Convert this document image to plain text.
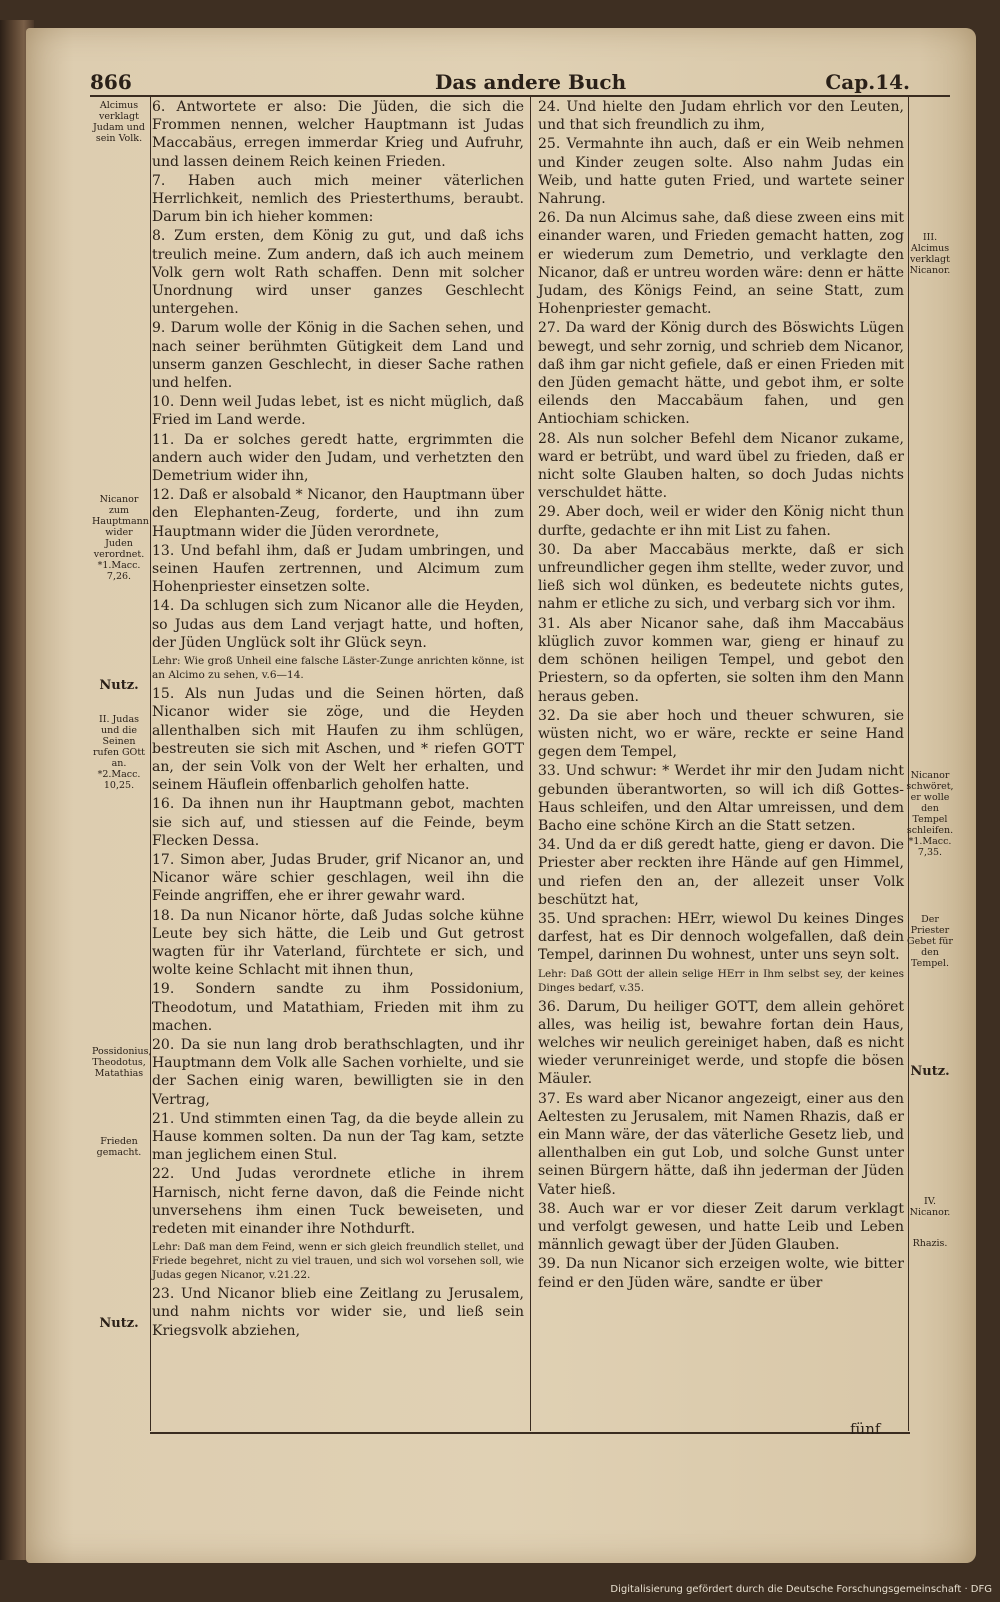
866	Das andere Buch	Cap.14.

6. Antwortete er also: Die Jüden, die sich die Frommen nennen, welcher Hauptmann ist Judas Maccabäus, erregen immerdar Krieg und Aufruhr, und lassen deinem Reich keinen Frieden.

7. Haben auch mich meiner väterlichen Herrlichkeit, nemlich des Priesterthums, beraubt. Darum bin ich hieher kommen:

8. Zum ersten, dem König zu gut, und daß ichs treulich meine. Zum andern, daß ich auch meinem Volk gern wolt Rath schaffen. Denn mit solcher Unordnung wird unser ganzes Geschlecht untergehen.

9. Darum wolle der König in die Sachen sehen, und nach seiner berühmten Gütigkeit dem Land und unserm ganzen Geschlecht, in dieser Sache rathen und helfen.

10. Denn weil Judas lebet, ist es nicht müglich, daß Fried im Land werde.

11. Da er solches geredt hatte, ergrimmten die andern auch wider den Judam, und verhetzten den Demetrium wider ihn,

12. Daß er alsobald * Nicanor, den Hauptmann über den Elephanten-Zeug, forderte, und ihn zum Hauptmann wider die Jüden verordnete,

13. Und befahl ihm, daß er Judam umbringen, und seinen Haufen zertrennen, und Alcimum zum Hohenpriester einsetzen solte.

14. Da schlugen sich zum Nicanor alle die Heyden, so Judas aus dem Land verjagt hatte, und hoften, der Jüden Unglück solt ihr Glück seyn.

Lehr: Wie groß Unheil eine falsche Läster-Zunge anrichten könne, ist an Alcimo zu sehen, v.6—14.

15. Als nun Judas und die Seinen hörten, daß Nicanor wider sie zöge, und die Heyden allenthalben sich mit Haufen zu ihm schlügen, bestreuten sie sich mit Aschen, und * riefen GOTT an, der sein Volk von der Welt her erhalten, und seinem Häuflein offenbarlich geholfen hatte.

16. Da ihnen nun ihr Hauptmann gebot, machten sie sich auf, und stiessen auf die Feinde, beym Flecken Dessa.

17. Simon aber, Judas Bruder, grif Nicanor an, und Nicanor wäre schier geschlagen, weil ihn die Feinde angriffen, ehe er ihrer gewahr ward.

18. Da nun Nicanor hörte, daß Judas solche kühne Leute bey sich hätte, die Leib und Gut getrost wagten für ihr Vaterland, fürchtete er sich, und wolte keine Schlacht mit ihnen thun,

19. Sondern sandte zu ihm Possidonium, Theodotum, und Matathiam, Frieden mit ihm zu machen.

20. Da sie nun lang drob berathschlagten, und ihr Hauptmann dem Volk alle Sachen vorhielte, und sie der Sachen einig waren, bewilligten sie in den Vertrag,

21. Und stimmten einen Tag, da die beyde allein zu Hause kommen solten. Da nun der Tag kam, setzte man jeglichem einen Stul.

22. Und Judas verordnete etliche in ihrem Harnisch, nicht ferne davon, daß die Feinde nicht unversehens ihm einen Tuck beweiseten, und redeten mit einander ihre Nothdurft.

Lehr: Daß man dem Feind, wenn er sich gleich freundlich stellet, und Friede begehret, nicht zu viel trauen, und sich wol vorsehen soll, wie Judas gegen Nicanor, v.21.22.

23. Und Nicanor blieb eine Zeitlang zu Jerusalem, und nahm nichts vor wider sie, und ließ sein Kriegsvolk abziehen,

24. Und hielte den Judam ehrlich vor den Leuten, und that sich freundlich zu ihm,

25. Vermahnte ihn auch, daß er ein Weib nehmen und Kinder zeugen solte. Also nahm Judas ein Weib, und hatte guten Fried, und wartete seiner Nahrung.

26. Da nun Alcimus sahe, daß diese zween eins mit einander waren, und Frieden gemacht hatten, zog er wiederum zum Demetrio, und verklagte den Nicanor, daß er untreu worden wäre: denn er hätte Judam, des Königs Feind, an seine Statt, zum Hohenpriester gemacht.

27. Da ward der König durch des Böswichts Lügen bewegt, und sehr zornig, und schrieb dem Nicanor, daß ihm gar nicht gefiele, daß er einen Frieden mit den Jüden gemacht hätte, und gebot ihm, er solte eilends den Maccabäum fahen, und gen Antiochiam schicken.

28. Als nun solcher Befehl dem Nicanor zukame, ward er betrübt, und ward übel zu frieden, daß er nicht solte Glauben halten, so doch Judas nichts verschuldet hätte.

29. Aber doch, weil er wider den König nicht thun durfte, gedachte er ihn mit List zu fahen.

30. Da aber Maccabäus merkte, daß er sich unfreundlicher gegen ihm stellte, weder zuvor, und ließ sich wol dünken, es bedeutete nichts gutes, nahm er etliche zu sich, und verbarg sich vor ihm.

31. Als aber Nicanor sahe, daß ihm Maccabäus klüglich zuvor kommen war, gieng er hinauf zu dem schönen heiligen Tempel, und gebot den Priestern, so da opferten, sie solten ihm den Mann heraus geben.

32. Da sie aber hoch und theuer schwuren, sie wüsten nicht, wo er wäre, reckte er seine Hand gegen dem Tempel,

33. Und schwur: * Werdet ihr mir den Judam nicht gebunden überantworten, so will ich diß Gottes-Haus schleifen, und den Altar umreissen, und dem Bacho eine schöne Kirch an die Statt setzen.

34. Und da er diß geredt hatte, gieng er davon. Die Priester aber reckten ihre Hände auf gen Himmel, und riefen den an, der allezeit unser Volk beschützt hat,

35. Und sprachen: HErr, wiewol Du keines Dinges darfest, hat es Dir dennoch wolgefallen, daß dein Tempel, darinnen Du wohnest, unter uns seyn solt.

Lehr: Daß GOtt der allein selige HErr in Ihm selbst sey, der keines Dinges bedarf, v.35.

36. Darum, Du heiliger GOTT, dem allein gehöret alles, was heilig ist, bewahre fortan dein Haus, welches wir neulich gereiniget haben, daß es nicht wieder verunreiniget werde, und stopfe die bösen Mäuler.

37. Es ward aber Nicanor angezeigt, einer aus den Aeltesten zu Jerusalem, mit Namen Rhazis, daß er ein Mann wäre, der das väterliche Gesetz lieb, und allenthalben ein gut Lob, und solche Gunst unter seinen Bürgern hätte, daß ihn jederman der Jüden Vater hieß.

38. Auch war er vor dieser Zeit darum verklagt und verfolgt gewesen, und hatte Leib und Leben männlich gewagt über der Jüden Glauben.

39. Da nun Nicanor sich erzeigen wolte, wie bitter feind er den Jüden wäre, sandte er über

Alcimus verklagt Judam und sein Volk.
Nicanor zum Hauptmann wider Juden verordnet. *1.Macc. 7,26.
Nutz.
II. Judas und die Seinen rufen GOtt an. *2.Macc. 10,25.
Possidonius, Theodotus, Matathias
Frieden gemacht.
Nutz.
III. Alcimus verklagt Nicanor.
Nicanor schwöret, er wolle den Tempel schleifen. *1.Macc. 7,35.
Der Priester Gebet für den Tempel.
Nutz.
IV. Nicanor.
Rhazis.
fünf
Digitalisierung gefördert durch die Deutsche Forschungsgemeinschaft · DFG
